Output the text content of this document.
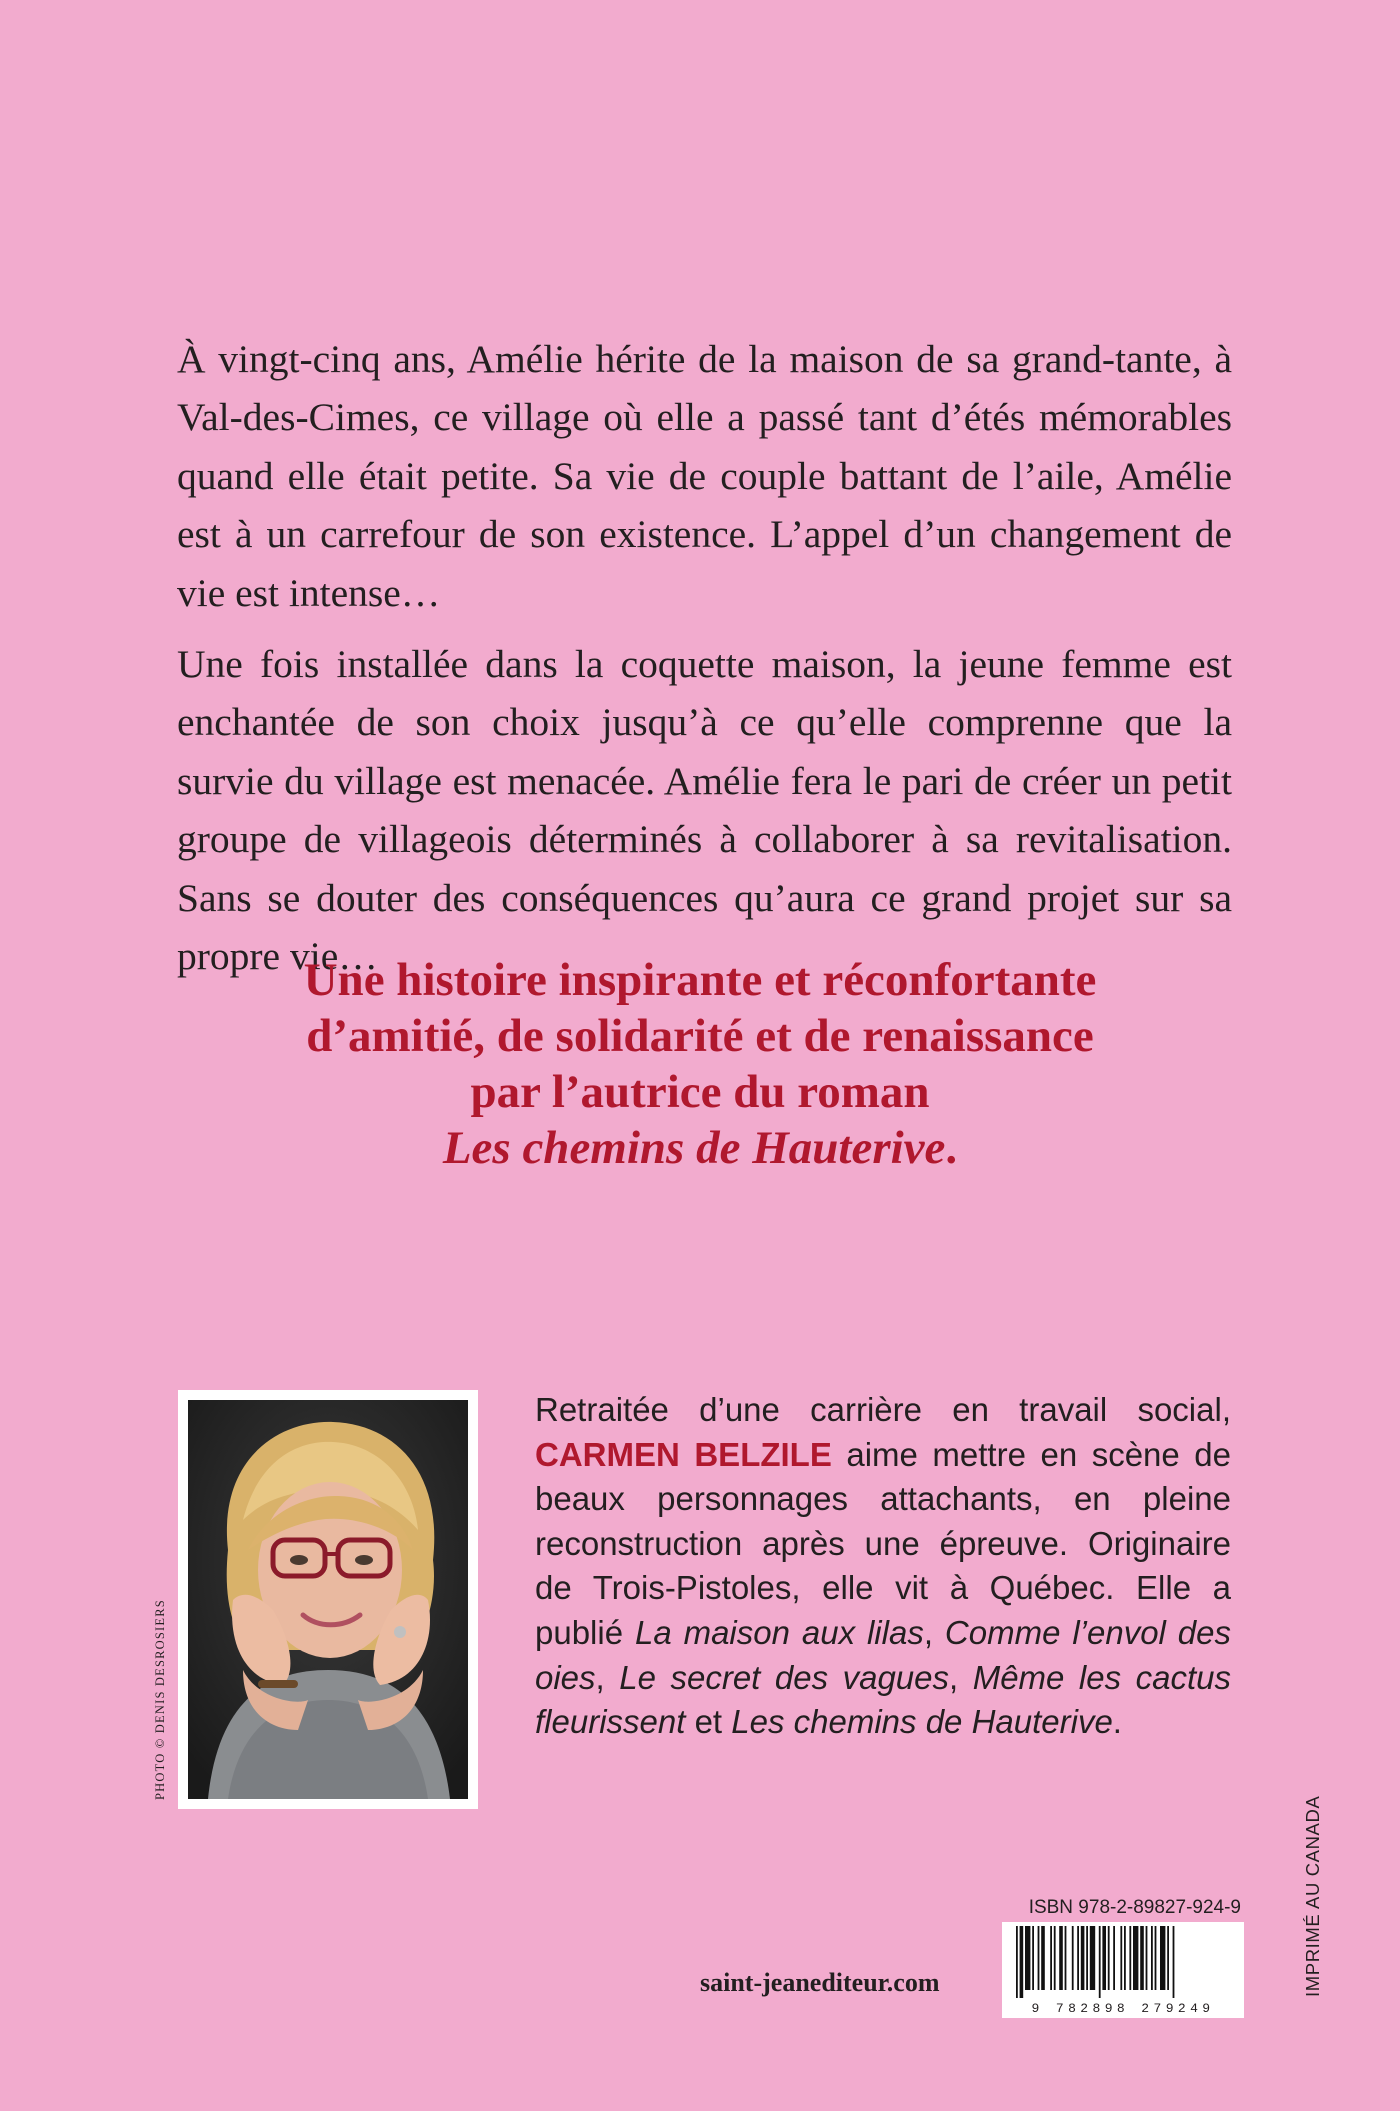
À vingt-cinq ans, Amélie hérite de la maison de sa grand-tante, à Val-des-Cimes, ce village où elle a passé tant d’étés mémorables quand elle était petite. Sa vie de couple battant de l’aile, Amélie est à un carrefour de son existence. L’appel d’un changement de vie est intense…

Une fois installée dans la coquette maison, la jeune femme est enchantée de son choix jusqu’à ce qu’elle comprenne que la survie du village est menacée. Amélie fera le pari de créer un petit groupe de villageois déterminés à collaborer à sa revitalisation. Sans se douter des conséquences qu’aura ce grand projet sur sa propre vie…

Une histoire inspirante et réconfortante
d’amitié, de solidarité et de renaissance
par l’autrice du roman
Les chemins de Hauterive.
PHOTO © DENIS DESROSIERS
Retraitée d’une carrière en travail social, CARMEN BELZILE aime mettre en scène de beaux personnages attachants, en pleine reconstruction après une épreuve. Originaire de Trois-Pistoles, elle vit à Québec. Elle a publié La maison aux lilas, Comme l’envol des oies, Le secret des vagues, Même les cactus fleurissent et Les chemins de Hauterive.
ISBN 978-2-89827-924-9
9 782898 279249
saint-jeanediteur.com	IMPRIMÉ AU CANADA
